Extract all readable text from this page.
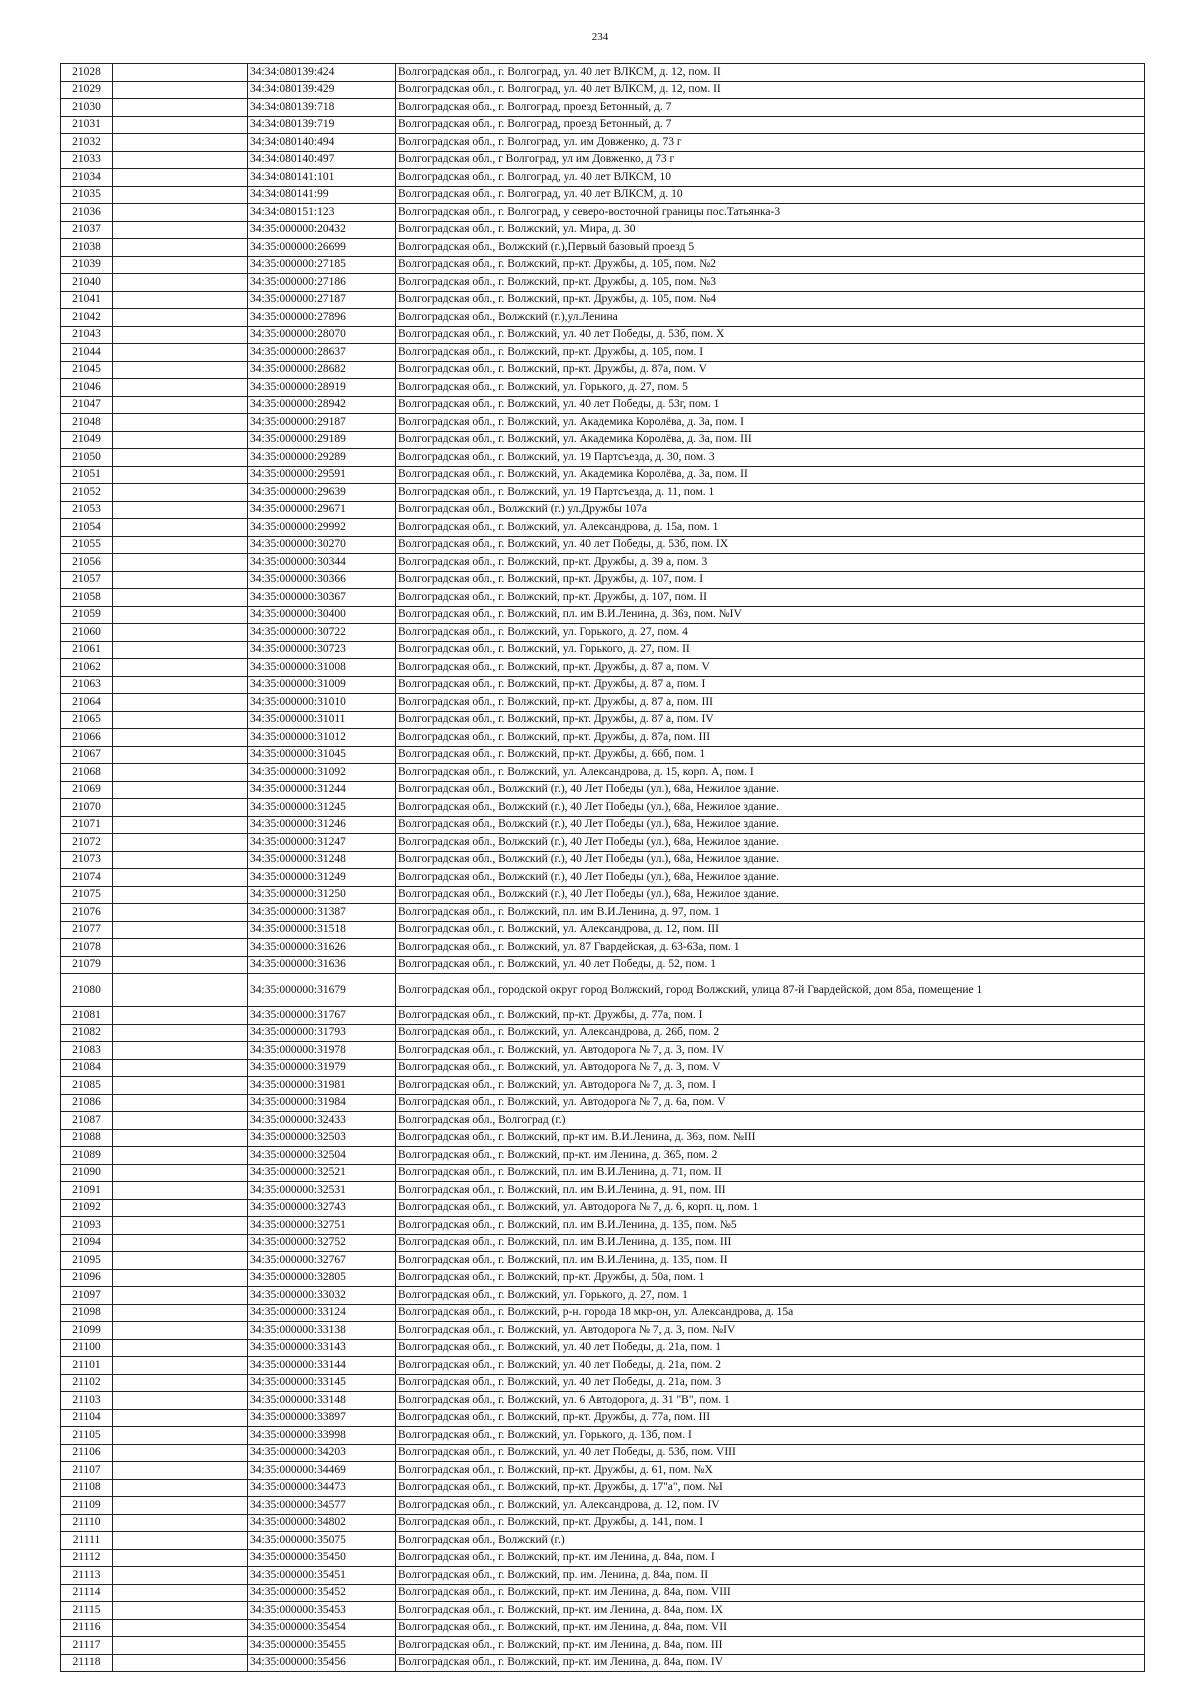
234
21028		34:34:080139:424	Волгоградская обл., г. Волгоград, ул. 40 лет ВЛКСМ, д. 12, пом. II
21029		34:34:080139:429	Волгоградская обл., г. Волгоград, ул. 40 лет ВЛКСМ, д. 12, пом. II
21030		34:34:080139:718	Волгоградская обл., г. Волгоград, проезд Бетонный, д. 7
21031		34:34:080139:719	Волгоградская обл., г. Волгоград, проезд Бетонный, д. 7
21032		34:34:080140:494	Волгоградская обл., г. Волгоград, ул. им Довженко, д. 73 г
21033		34:34:080140:497	Волгоградская обл., г Волгоград, ул им Довженко, д 73 г
21034		34:34:080141:101	Волгоградская обл., г. Волгоград, ул. 40 лет ВЛКСМ, 10
21035		34:34:080141:99	Волгоградская обл., г. Волгоград, ул. 40 лет ВЛКСМ, д. 10
21036		34:34:080151:123	Волгоградская обл., г. Волгоград, у северо-восточной границы пос.Татьянка-3
21037		34:35:000000:20432	Волгоградская обл., г. Волжский, ул. Мира, д. 30
21038		34:35:000000:26699	Волгоградская обл., Волжский (г.),Первый базовый проезд 5
21039		34:35:000000:27185	Волгоградская обл., г. Волжский, пр-кт. Дружбы, д. 105, пом. №2
21040		34:35:000000:27186	Волгоградская обл., г. Волжский, пр-кт. Дружбы, д. 105, пом. №3
21041		34:35:000000:27187	Волгоградская обл., г. Волжский, пр-кт. Дружбы, д. 105, пом. №4
21042		34:35:000000:27896	Волгоградская обл., Волжский (г.),ул.Ленина
21043		34:35:000000:28070	Волгоградская обл., г. Волжский, ул. 40 лет Победы, д. 53б, пом. X
21044		34:35:000000:28637	Волгоградская обл., г. Волжский, пр-кт. Дружбы, д. 105, пом. I
21045		34:35:000000:28682	Волгоградская обл., г. Волжский, пр-кт. Дружбы, д. 87а, пом. V
21046		34:35:000000:28919	Волгоградская обл., г. Волжский, ул. Горького, д. 27, пом. 5
21047		34:35:000000:28942	Волгоградская обл., г. Волжский, ул. 40 лет Победы, д. 53г, пом. 1
21048		34:35:000000:29187	Волгоградская обл., г. Волжский, ул. Академика Королёва, д. 3а, пом. I
21049		34:35:000000:29189	Волгоградская обл., г. Волжский, ул. Академика Королёва, д. 3а, пом. III
21050		34:35:000000:29289	Волгоградская обл., г. Волжский, ул. 19 Партсъезда, д. 30, пом. 3
21051		34:35:000000:29591	Волгоградская обл., г. Волжский, ул. Академика Королёва, д. 3а, пом. II
21052		34:35:000000:29639	Волгоградская обл., г. Волжский, ул. 19 Партсъезда, д. 11, пом. 1
21053		34:35:000000:29671	Волгоградская обл., Волжский (г.) ул.Дружбы 107а
21054		34:35:000000:29992	Волгоградская обл., г. Волжский, ул. Александрова, д. 15а, пом. 1
21055		34:35:000000:30270	Волгоградская обл., г. Волжский, ул. 40 лет Победы, д. 53б, пом. IX
21056		34:35:000000:30344	Волгоградская обл., г. Волжский, пр-кт. Дружбы, д. 39 а, пом. 3
21057		34:35:000000:30366	Волгоградская обл., г. Волжский, пр-кт. Дружбы, д. 107, пом. I
21058		34:35:000000:30367	Волгоградская обл., г. Волжский, пр-кт. Дружбы, д. 107, пом. II
21059		34:35:000000:30400	Волгоградская обл., г. Волжский, пл. им В.И.Ленина, д. 36з, пом. №IV
21060		34:35:000000:30722	Волгоградская обл., г. Волжский, ул. Горького, д. 27, пом. 4
21061		34:35:000000:30723	Волгоградская обл., г. Волжский, ул. Горького, д. 27, пом. II
21062		34:35:000000:31008	Волгоградская обл., г. Волжский, пр-кт. Дружбы, д. 87 а, пом. V
21063		34:35:000000:31009	Волгоградская обл., г. Волжский, пр-кт. Дружбы, д. 87 а, пом. I
21064		34:35:000000:31010	Волгоградская обл., г. Волжский, пр-кт. Дружбы, д. 87 а, пом. III
21065		34:35:000000:31011	Волгоградская обл., г. Волжский, пр-кт. Дружбы, д. 87 а, пом. IV
21066		34:35:000000:31012	Волгоградская обл., г. Волжский, пр-кт. Дружбы, д. 87а, пом. III
21067		34:35:000000:31045	Волгоградская обл., г. Волжский, пр-кт. Дружбы, д. 66б, пом. 1
21068		34:35:000000:31092	Волгоградская обл., г. Волжский, ул. Александрова, д. 15, корп. А, пом. I
21069		34:35:000000:31244	Волгоградская обл., Волжский (г.), 40 Лет Победы (ул.), 68а, Нежилое здание.
21070		34:35:000000:31245	Волгоградская обл., Волжский (г.), 40 Лет Победы (ул.), 68а, Нежилое здание.
21071		34:35:000000:31246	Волгоградская обл., Волжский (г.), 40 Лет Победы (ул.), 68а, Нежилое здание.
21072		34:35:000000:31247	Волгоградская обл., Волжский (г.), 40 Лет Победы (ул.), 68а, Нежилое здание.
21073		34:35:000000:31248	Волгоградская обл., Волжский (г.), 40 Лет Победы (ул.), 68а, Нежилое здание.
21074		34:35:000000:31249	Волгоградская обл., Волжский (г.), 40 Лет Победы (ул.), 68а, Нежилое здание.
21075		34:35:000000:31250	Волгоградская обл., Волжский (г.), 40 Лет Победы (ул.), 68а, Нежилое здание.
21076		34:35:000000:31387	Волгоградская обл., г. Волжский, пл. им В.И.Ленина, д. 97, пом. 1
21077		34:35:000000:31518	Волгоградская обл., г. Волжский, ул. Александрова, д. 12, пом. III
21078		34:35:000000:31626	Волгоградская обл., г. Волжский, ул. 87 Гвардейская, д. 63-63а, пом. 1
21079		34:35:000000:31636	Волгоградская обл., г. Волжский, ул. 40 лет Победы, д. 52, пом. 1
21080		34:35:000000:31679	Волгоградская обл., городской округ город Волжский, город Волжский, улица 87-й Гвардейской, дом 85а, помещение 1
21081		34:35:000000:31767	Волгоградская обл., г. Волжский, пр-кт. Дружбы, д. 77а, пом. I
21082		34:35:000000:31793	Волгоградская обл., г. Волжский, ул. Александрова, д. 26б, пом. 2
21083		34:35:000000:31978	Волгоградская обл., г. Волжский, ул. Автодорога № 7, д. 3, пом. IV
21084		34:35:000000:31979	Волгоградская обл., г. Волжский, ул. Автодорога № 7, д. 3, пом. V
21085		34:35:000000:31981	Волгоградская обл., г. Волжский, ул. Автодорога № 7, д. 3, пом. I
21086		34:35:000000:31984	Волгоградская обл., г. Волжский, ул. Автодорога № 7, д. 6а, пом. V
21087		34:35:000000:32433	Волгоградская обл., Волгоград (г.)
21088		34:35:000000:32503	Волгоградская обл., г. Волжский, пр-кт им. В.И.Ленина, д. 36з, пом. №III
21089		34:35:000000:32504	Волгоградская обл., г. Волжский, пр-кт. им Ленина, д. 365, пом. 2
21090		34:35:000000:32521	Волгоградская обл., г. Волжский, пл. им В.И.Ленина, д. 71, пом. II
21091		34:35:000000:32531	Волгоградская обл., г. Волжский, пл. им В.И.Ленина, д. 91, пом. III
21092		34:35:000000:32743	Волгоградская обл., г. Волжский, ул. Автодорога № 7, д. 6, корп. ц, пом. 1
21093		34:35:000000:32751	Волгоградская обл., г. Волжский, пл. им В.И.Ленина, д. 135, пом. №5
21094		34:35:000000:32752	Волгоградская обл., г. Волжский, пл. им В.И.Ленина, д. 135, пом. III
21095		34:35:000000:32767	Волгоградская обл., г. Волжский, пл. им В.И.Ленина, д. 135, пом. II
21096		34:35:000000:32805	Волгоградская обл., г. Волжский, пр-кт. Дружбы, д. 50а, пом. 1
21097		34:35:000000:33032	Волгоградская обл., г. Волжский, ул. Горького, д. 27, пом. 1
21098		34:35:000000:33124	Волгоградская обл., г. Волжский, р-н. города 18 мкр-он, ул. Александрова, д. 15а
21099		34:35:000000:33138	Волгоградская обл., г. Волжский, ул. Автодорога № 7, д. 3, пом. №IV
21100		34:35:000000:33143	Волгоградская обл., г. Волжский, ул. 40 лет Победы, д. 21а, пом. 1
21101		34:35:000000:33144	Волгоградская обл., г. Волжский, ул. 40 лет Победы, д. 21а, пом. 2
21102		34:35:000000:33145	Волгоградская обл., г. Волжский, ул. 40 лет Победы, д. 21а, пом. 3
21103		34:35:000000:33148	Волгоградская обл., г. Волжский, ул. 6 Автодорога, д. 31 "В", пом. 1
21104		34:35:000000:33897	Волгоградская обл., г. Волжский, пр-кт. Дружбы, д. 77а, пом. III
21105		34:35:000000:33998	Волгоградская обл., г. Волжский, ул. Горького, д. 13б, пом. I
21106		34:35:000000:34203	Волгоградская обл., г. Волжский, ул. 40 лет Победы, д. 53б, пом. VIII
21107		34:35:000000:34469	Волгоградская обл., г. Волжский, пр-кт. Дружбы, д. 61, пом. №X
21108		34:35:000000:34473	Волгоградская обл., г. Волжский, пр-кт. Дружбы, д. 17"а", пом. №I
21109		34:35:000000:34577	Волгоградская обл., г. Волжский, ул. Александрова, д. 12, пом. IV
21110		34:35:000000:34802	Волгоградская обл., г. Волжский, пр-кт. Дружбы, д. 141, пом. I
21111		34:35:000000:35075	Волгоградская обл., Волжский (г.)
21112		34:35:000000:35450	Волгоградская обл., г. Волжский, пр-кт. им Ленина, д. 84а, пом. I
21113		34:35:000000:35451	Волгоградская обл., г. Волжский, пр. им. Ленина, д. 84а, пом. II
21114		34:35:000000:35452	Волгоградская обл., г. Волжский, пр-кт. им Ленина, д. 84а, пом. VIII
21115		34:35:000000:35453	Волгоградская обл., г. Волжский, пр-кт. им Ленина, д. 84а, пом. IX
21116		34:35:000000:35454	Волгоградская обл., г. Волжский, пр-кт. им Ленина, д. 84а, пом. VII
21117		34:35:000000:35455	Волгоградская обл., г. Волжский, пр-кт. им Ленина, д. 84а, пом. III
21118		34:35:000000:35456	Волгоградская обл., г. Волжский, пр-кт. им Ленина, д. 84а, пом. IV
